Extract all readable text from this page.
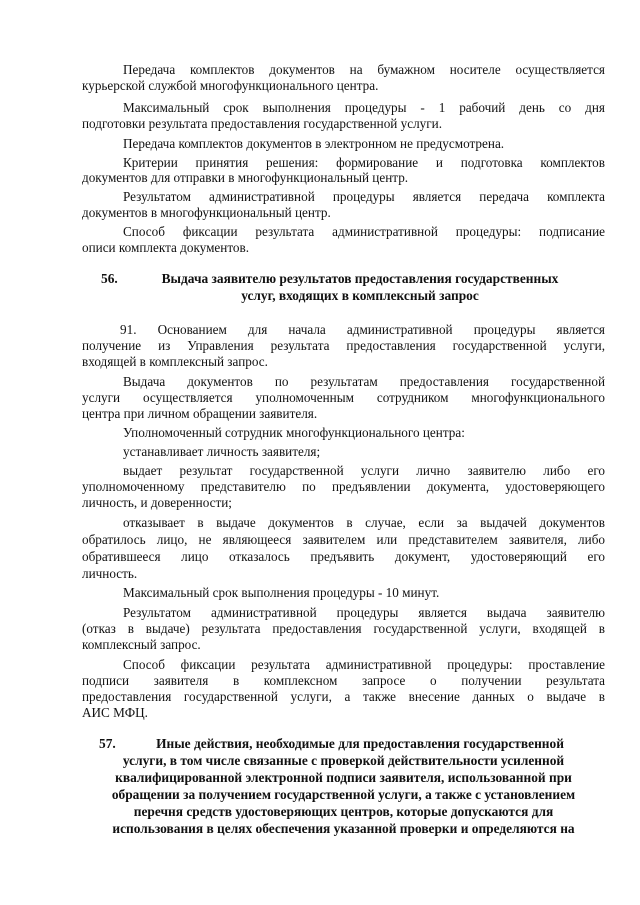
Передача комплектов документов на бумажном носителе осуществляется
курьерской службой многофункционального центра.
Максимальный срок выполнения процедуры - 1 рабочий день со дня
подготовки результата предоставления государственной услуги.
Передача комплектов документов в электронном не предусмотрена.
Критерии принятия решения: формирование и подготовка комплектов
документов для отправки в многофункциональный центр.
Результатом административной процедуры является передача комплекта
документов в многофункциональный центр.
Способ фиксации результата административной процедуры: подписание
описи комплекта документов.
56.	Выдача заявителю результатов предоставления государственных
услуг, входящих в комплексный запрос
91. Основанием для начала административной процедуры является
получение из Управления результата предоставления государственной услуги,
входящей в комплексный запрос.
Выдача документов по результатам предоставления государственной
услуги осуществляется уполномоченным сотрудником многофункционального
центра при личном обращении заявителя.
Уполномоченный сотрудник многофункционального центра:
устанавливает личность заявителя;
выдает результат государственной услуги лично заявителю либо его
уполномоченному представителю по предъявлении документа, удостоверяющего
личность, и доверенности;
отказывает в выдаче документов в случае, если за выдачей документов
обратилось лицо, не являющееся заявителем или представителем заявителя, либо
обратившееся лицо отказалось предъявить документ, удостоверяющий его
личность.
Максимальный срок выполнения процедуры - 10 минут.
Результатом административной процедуры является выдача заявителю
(отказ в выдаче) результата предоставления государственной услуги, входящей в
комплексный запрос.
Способ фиксации результата административной процедуры: проставление
подписи заявителя в комплексном запросе о получении результата
предоставления государственной услуги, а также внесение данных о выдаче в
АИС МФЦ.
57.	Иные действия, необходимые для предоставления государственной
услуги, в том числе связанные с проверкой действительности усиленной
квалифицированной электронной подписи заявителя, использованной при
обращении за получением государственной услуги, а также с установлением
перечня средств удостоверяющих центров, которые допускаются для
использования в целях обеспечения указанной проверки и определяются на
